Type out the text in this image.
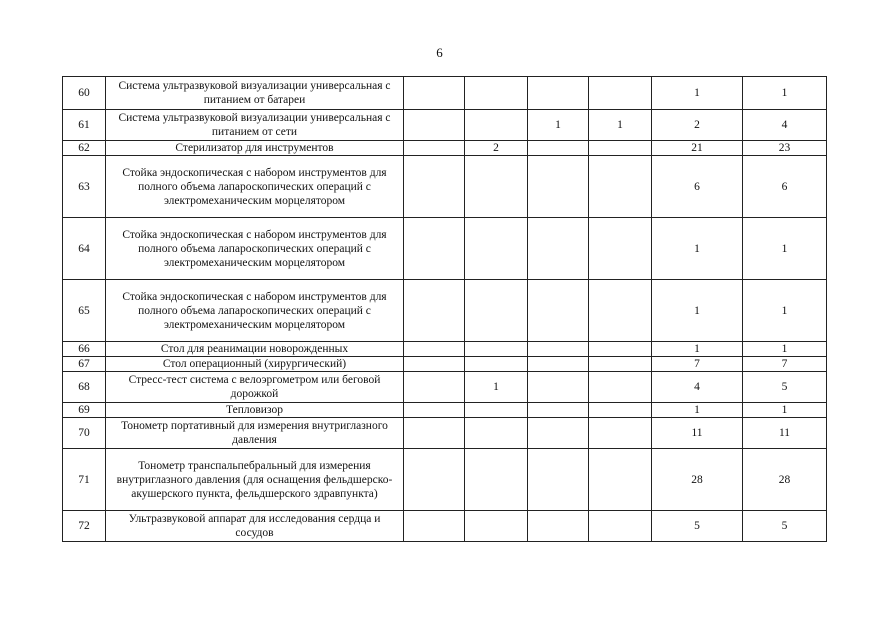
6
60	Система ультразвуковой визуализации универсальная с питанием от батареи					1	1
61	Система ультразвуковой визуализации универсальная с питанием от сети			1	1	2	4
62	Стерилизатор для инструментов		2			21	23
63	Стойка эндоскопическая с набором инструментов для полного объема лапароскопических операций с электромеханическим морцелятором					6	6
64	Стойка эндоскопическая с набором инструментов для полного объема лапароскопических операций с электромеханическим морцелятором					1	1
65	Стойка эндоскопическая с набором инструментов для полного объема лапароскопических операций с электромеханическим морцелятором					1	1
66	Стол для реанимации новорожденных					1	1
67	Стол операционный (хирургический)					7	7
68	Стресс-тест система с велоэргометром или беговой дорожкой		1			4	5
69	Тепловизор					1	1
70	Тонометр портативный для измерения внутриглазного давления					11	11
71	Тонометр транспальпебральный для измерения внутриглазного давления (для оснащения фельдшерско-акушерского пункта, фельдшерского здравпункта)					28	28
72	Ультразвуковой аппарат для исследования сердца и сосудов					5	5
